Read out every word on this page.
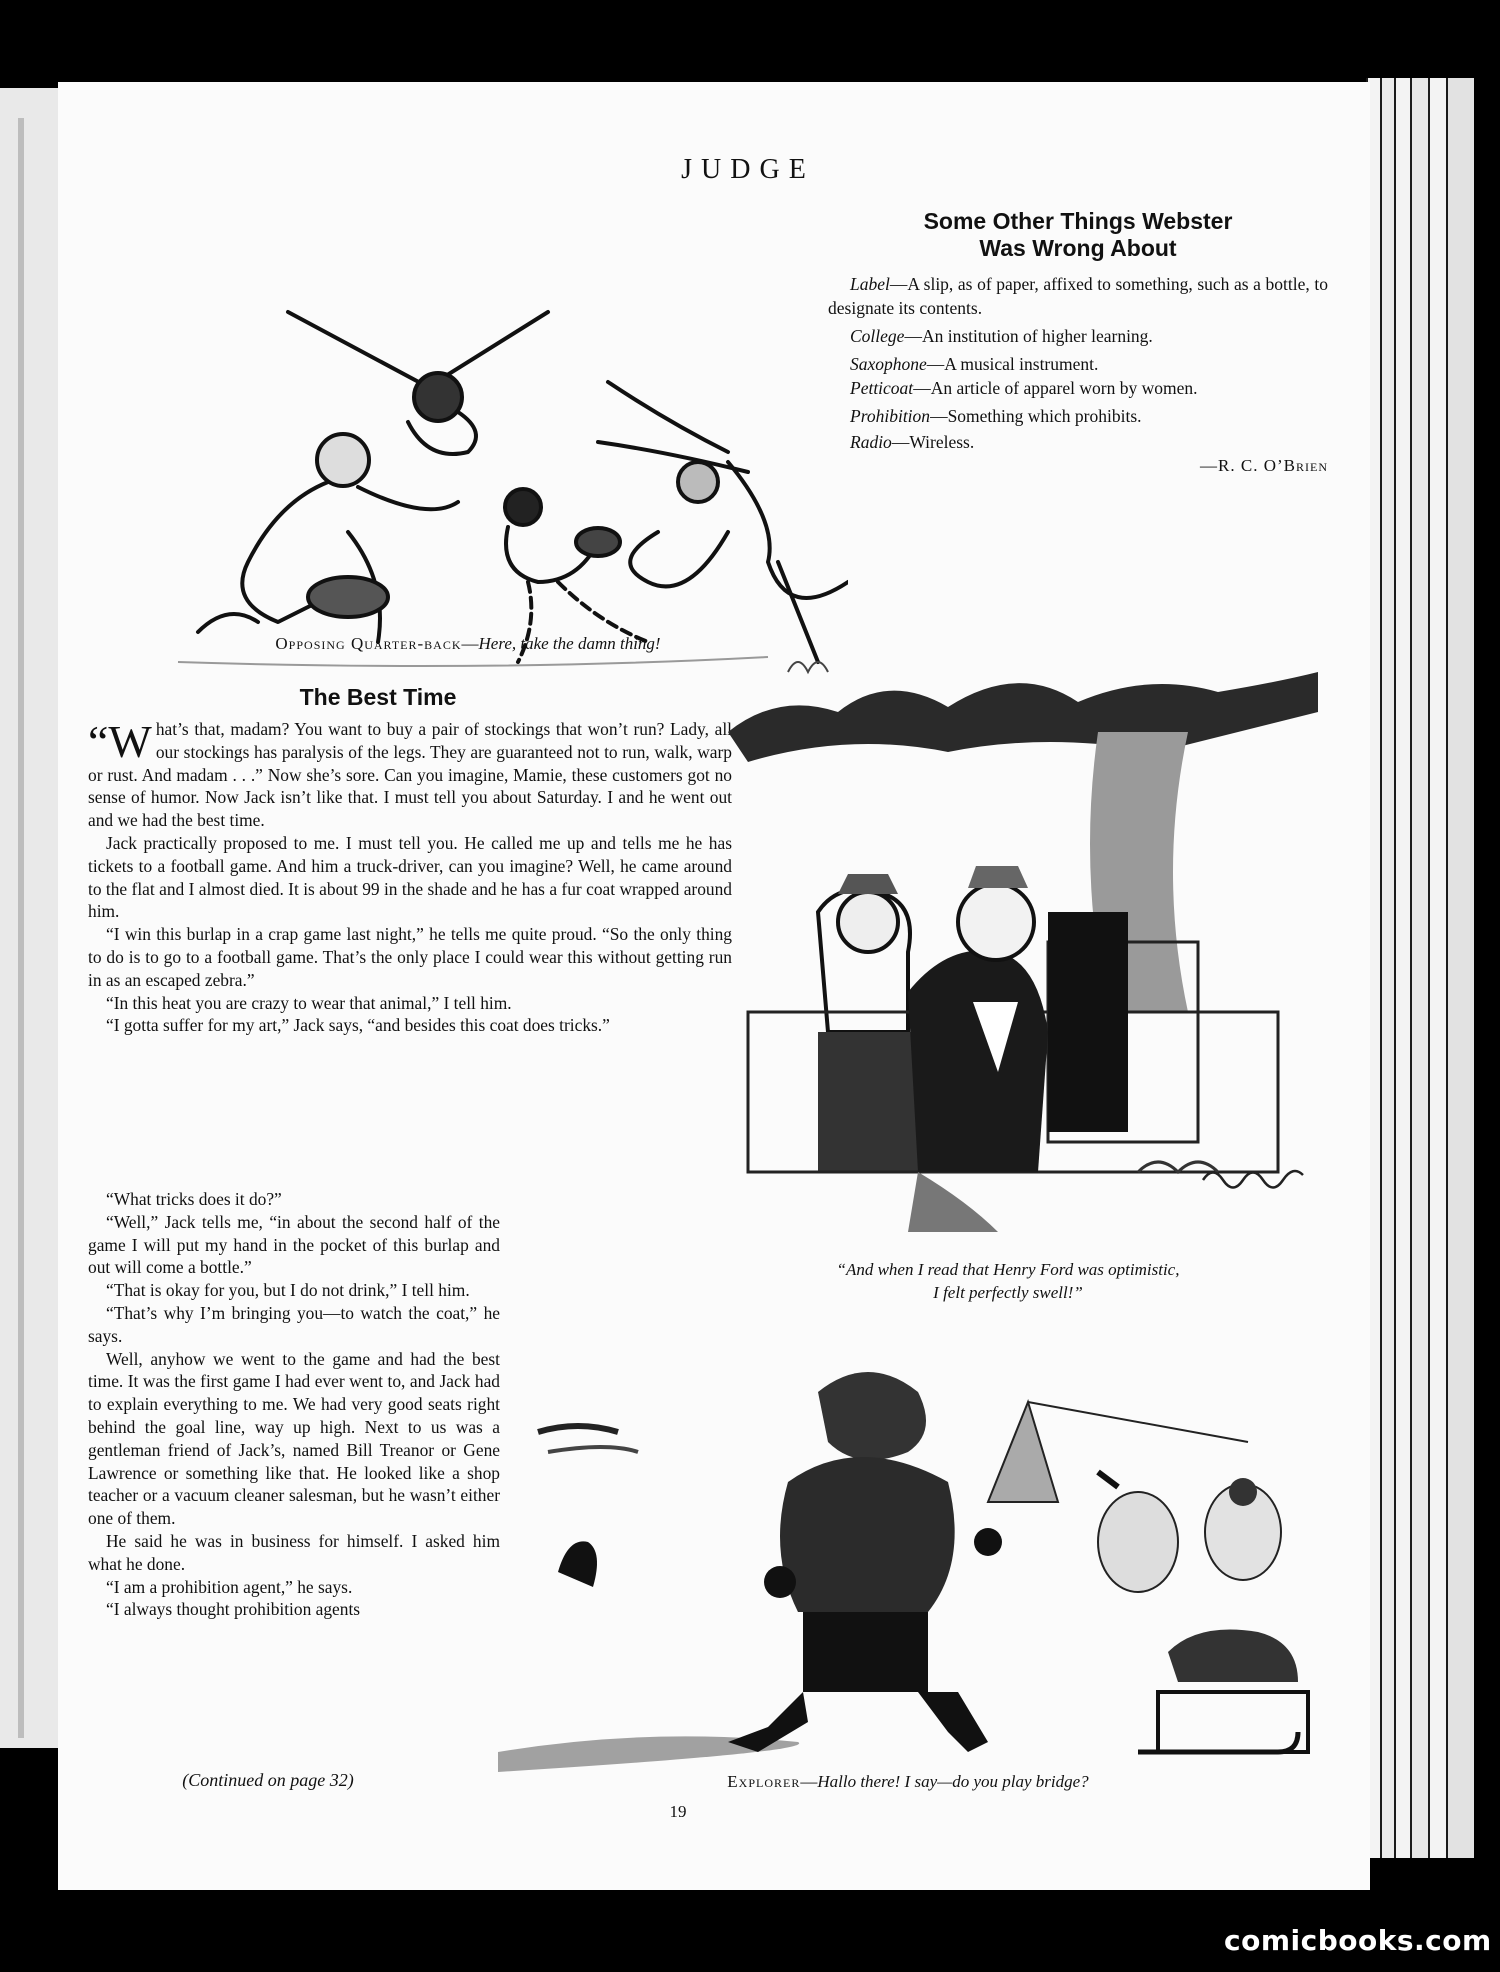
JUDGE
Opposing Quarter-back—Here, take the damn thing!
Some Other Things Webster
Was Wrong About

Label—A slip, as of paper, affixed to something, such as a bottle, to designate its contents.

College—An institution of higher learning.

Saxophone—A musical instrument.

Petticoat—An article of apparel worn by women.

Prohibition—Something which prohibits.

Radio—Wireless.

—R. C. O’Brien
The Best Time

“What’s that, madam? You want to buy a pair of stockings that won’t run? Lady, all our stockings has paralysis of the legs. They are guaranteed not to run, walk, warp or rust. And madam . . .” Now she’s sore. Can you imagine, Mamie, these customers got no sense of humor. Now Jack isn’t like that. I must tell you about Saturday. I and he went out and we had the best time.

Jack practically proposed to me. I must tell you. He called me up and tells me he has tickets to a football game. And him a truck-driver, can you imagine? Well, he came around to the flat and I almost died. It is about 99 in the shade and he has a fur coat wrapped around him.

“I win this burlap in a crap game last night,” he tells me quite proud. “So the only thing to do is to go to a football game. That’s the only place I could wear this without getting run in as an escaped zebra.”

“In this heat you are crazy to wear that animal,” I tell him.

“I gotta suffer for my art,” Jack says, “and besides this coat does tricks.”

“What tricks does it do?”

“Well,” Jack tells me, “in about the second half of the game I will put my hand in the pocket of this burlap and out will come a bottle.”

“That is okay for you, but I do not drink,” I tell him.

“That’s why I’m bringing you—to watch the coat,” he says.

Well, anyhow we went to the game and had the best time. It was the first game I had ever went to, and Jack had to explain everything to me. We had very good seats right behind the goal line, way up high. Next to us was a gentleman friend of Jack’s, named Bill Treanor or Gene Lawrence or something like that. He looked like a shop teacher or a vacuum cleaner salesman, but he wasn’t either one of them.

He said he was in business for himself. I asked him what he done.

“I am a prohibition agent,” he says.

“I always thought prohibition agents

(Continued on page 32)
“And when I read that Henry Ford was optimistic,
I felt perfectly swell!”
Explorer—Hallo there! I say—do you play bridge?
19
comicbooks.com
